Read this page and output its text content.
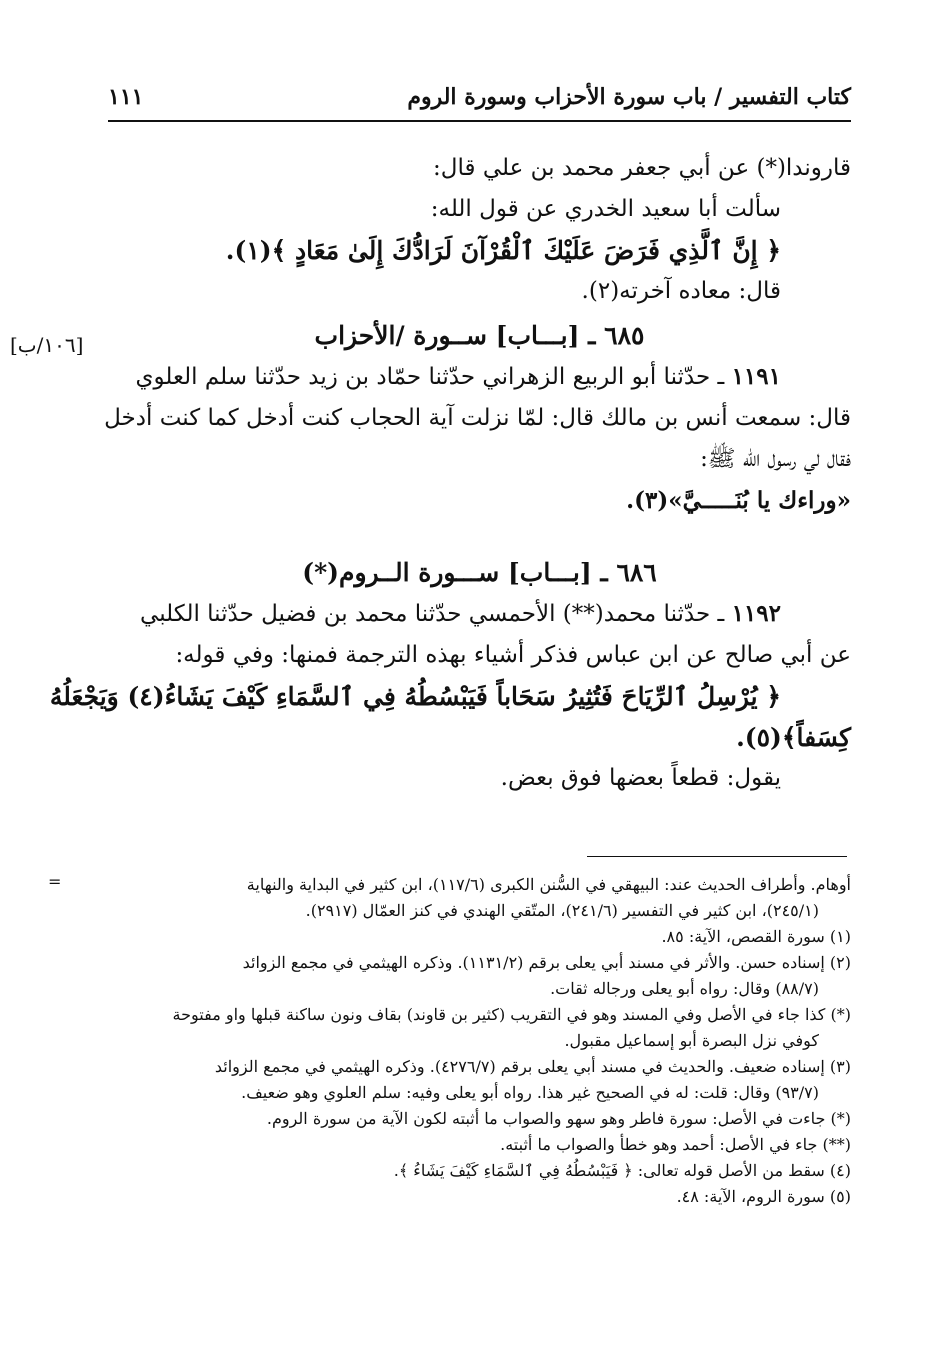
كتاب التفسير / باب سورة الأحزاب وسورة الروم
١١١
[١٠٦/ب]
قاروندا(*) عن أبي جعفر محمد بن علي قال:
سألت أبا سعيد الخدري عن قول الله:
﴿ إِنَّ ٱلَّذِي فَرَضَ عَلَيْكَ ٱلْقُرْآنَ لَرَادُّكَ إِلَىٰ مَعَادٍ ﴾(١).
قال: معاده آخرته(٢).
٦٨٥ ـ [بـــاب] ســورة /الأحزاب
١١٩١ ـ حدّثنا أبو الربيع الزهراني حدّثنا حمّاد بن زيد حدّثنا سلم العلوي
قال: سمعت أنس بن مالك قال: لمّا نزلت آية الحجاب كنت أدخل كما كنت أدخل
فقال لي رسول الله ﷺ:
«وراءك يا بُنَـــــيَّ»(٣).
٦٨٦ ـ [بـــاب] ســـورة الــروم(*)
١١٩٢ ـ حدّثنا محمد(**) الأحمسي حدّثنا محمد بن فضيل حدّثنا الكلبي
عن أبي صالح عن ابن عباس فذكر أشياء بهذه الترجمة فمنها: وفي قوله:
﴿ يُرْسِلُ ٱلرِّيَاحَ فَتُثِيرُ سَحَاباً فَيَبْسُطُهُ فِي ٱلسَّمَاءِ كَيْفَ يَشَاءُ(٤) وَيَجْعَلُهُ
كِسَفاً﴾(٥).
يقول: قطعاً بعضها فوق بعض.
=	أوهام. وأطراف الحديث عند: البيهقي في السُّنن الكبرى (١١٧/٦)، ابن كثير في البداية والنهاية
(٢٤٥/١)، ابن كثير في التفسير (٢٤١/٦)، المتّقي الهندي في كنز العمّال (٢٩١٧).
(١) سورة القصص، الآية: ٨٥.
(٢) إسناده حسن. والأثر في مسند أبي يعلى برقم (١١٣١/٢). وذكره الهيثمي في مجمع الزوائد
(٨٨/٧) وقال: رواه أبو يعلى ورجاله ثقات.
(*) كذا جاء في الأصل وفي المسند وهو في التقريب (كثير بن قاوند) بقاف ونون ساكنة قبلها واو مفتوحة
كوفي نزل البصرة أبو إسماعيل مقبول.
(٣) إسناده ضعيف. والحديث في مسند أبي يعلى برقم (٤٢٧٦/٧). وذكره الهيثمي في مجمع الزوائد
(٩٣/٧) وقال: قلت: له في الصحيح غير هذا. رواه أبو يعلى وفيه: سلم العلوي وهو ضعيف.
(*) جاءت في الأصل: سورة فاطر وهو سهو والصواب ما أثبته لكون الآية من سورة الروم.
(**) جاء في الأصل: أحمد وهو خطأ والصواب ما أثبته.
(٤) سقط من الأصل قوله تعالى: ﴿ فَيَبْسُطُهُ فِي ٱلسَّمَاءِ كَيْفَ يَشَاءُ ﴾.
(٥) سورة الروم، الآية: ٤٨.
